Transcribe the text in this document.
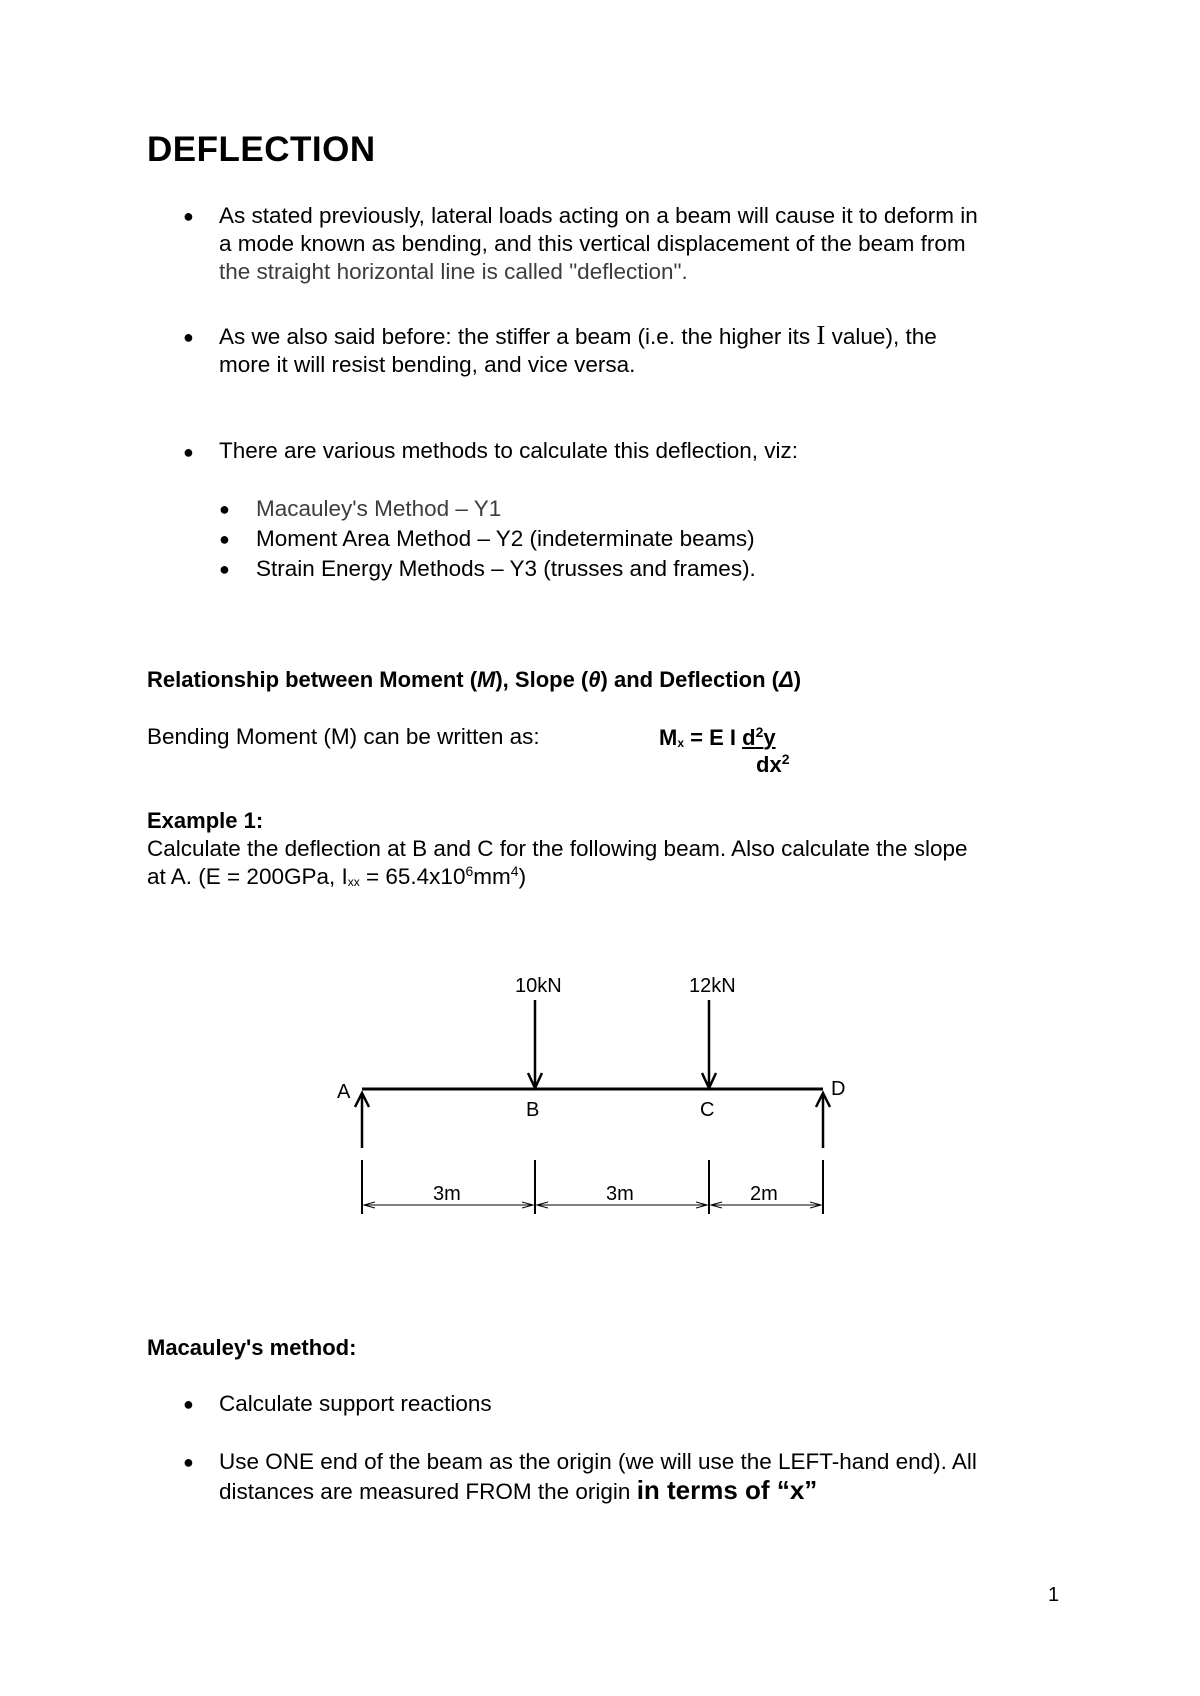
DEFLECTION
● As stated previously, lateral loads acting on a beam will cause it to deform in
a mode known as bending, and this vertical displacement of the beam from
the straight horizontal line is called "deflection".
● As we also said before: the stiffer a beam (i.e. the higher its I value), the
more it will resist bending, and vice versa.
● There are various methods to calculate this deflection, viz:
● Macauley's Method – Y1
● Moment Area Method – Y2 (indeterminate beams)
● Strain Energy Methods – Y3 (trusses and frames).
Relationship between Moment (M), Slope (θ) and Deflection (Δ)
Bending Moment (M) can be written as:	$M_x = E$ I $d^2y$
$dx^2$
Example 1:
Calculate the deflection at B and C for the following beam. Also calculate the slope
at A. (E = 200GPa, $I_{xx} = 65.4x10^6mm^4$)
10kN	12kN
A
B	C
D
3m	3m	2m
Macauley's method:
● Calculate support reactions
● Use ONE end of the beam as the origin (we will use the LEFT-hand end). All
distances are measured FROM the origin in terms of “x”
1
